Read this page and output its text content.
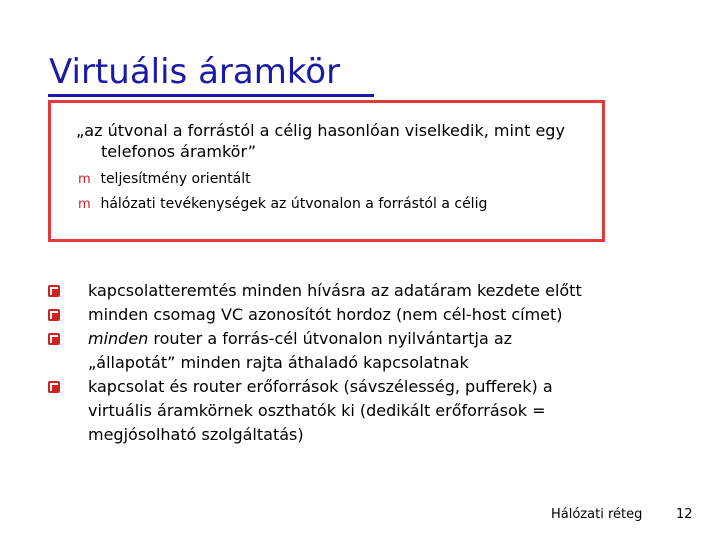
Virtuális áramkör
„az útvonal a forrástól a célig hasonlóan viselkedik, mint egy
telefonos áramkör”
m teljesítmény orientált
m hálózati tevékenységek az útvonalon a forrástól a célig
kapcsolatteremtés minden hívásra az adatáram kezdete előtt
minden csomag VC azonosítót hordoz (nem cél-host címet)
minden router a forrás-cél útvonalon nyilvántartja az
„állapotát” minden rajta áthaladó kapcsolatnak
kapcsolat és router erőforrások (sávszélesség, pufferek) a
virtuális áramkörnek oszthatók ki (dedikált erőforrások =
megjósolható szolgáltatás)
Hálózati réteg	12
